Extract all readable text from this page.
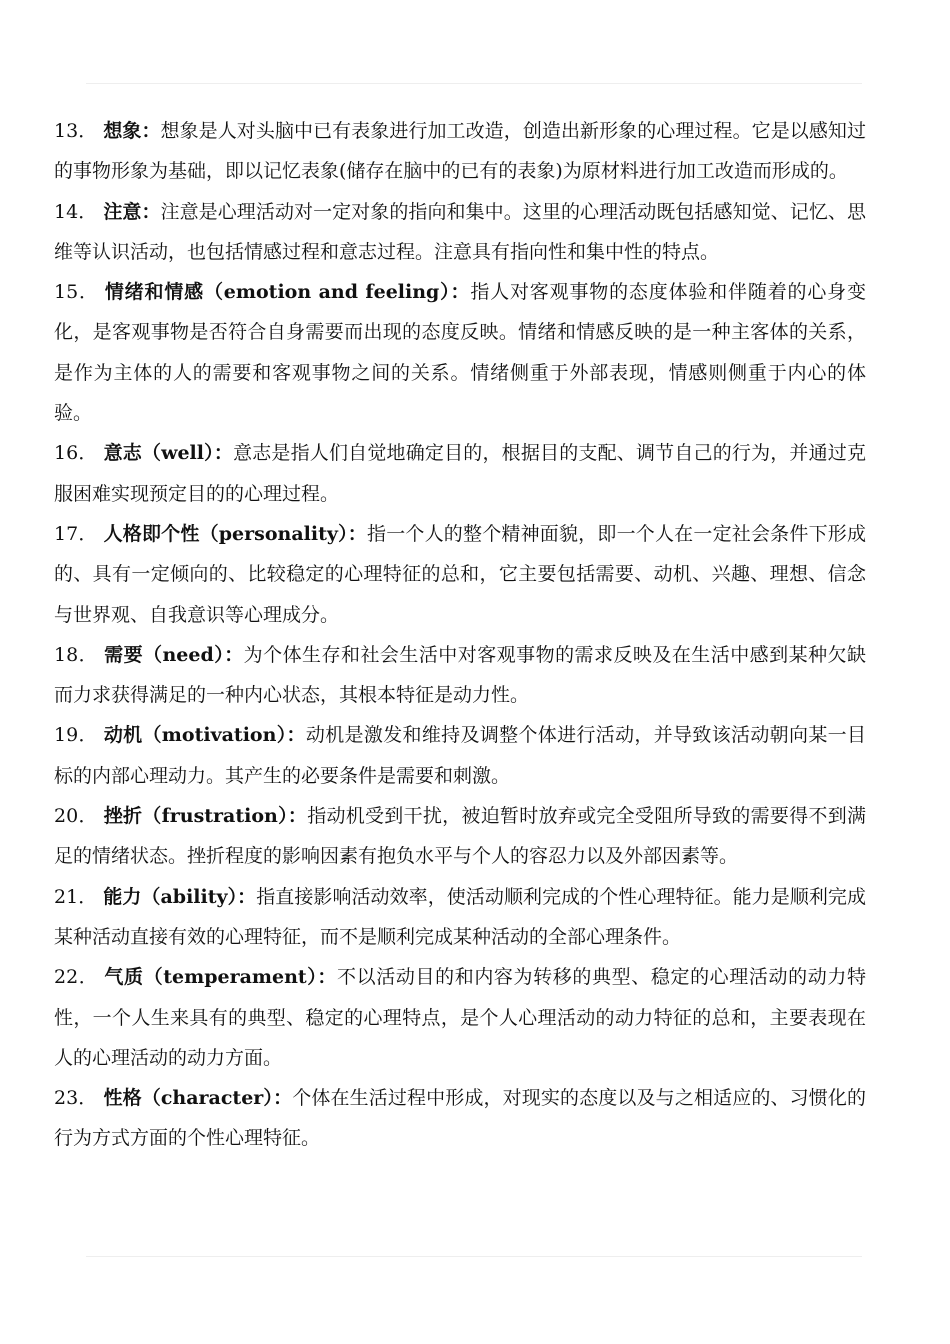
13． 想象：想象是人对头脑中已有表象进行加工改造，创造出新形象的心理过程。它是以感知过的事物形象为基础，即以记忆表象(储存在脑中的已有的表象)为原材料进行加工改造而形成的。

14． 注意：注意是心理活动对一定对象的指向和集中。这里的心理活动既包括感知觉、记忆、思维等认识活动，也包括情感过程和意志过程。注意具有指向性和集中性的特点。

15． 情绪和情感（emotion and feeling）：指人对客观事物的态度体验和伴随着的心身变化，是客观事物是否符合自身需要而出现的态度反映。情绪和情感反映的是一种主客体的关系，是作为主体的人的需要和客观事物之间的关系。情绪侧重于外部表现，情感则侧重于内心的体验。

16． 意志（well）：意志是指人们自觉地确定目的，根据目的支配、调节自己的行为，并通过克服困难实现预定目的的心理过程。

17． 人格即个性（personality）：指一个人的整个精神面貌，即一个人在一定社会条件下形成的、具有一定倾向的、比较稳定的心理特征的总和，它主要包括需要、动机、兴趣、理想、信念与世界观、自我意识等心理成分。

18． 需要（need）：为个体生存和社会生活中对客观事物的需求反映及在生活中感到某种欠缺而力求获得满足的一种内心状态，其根本特征是动力性。

19． 动机（motivation）：动机是激发和维持及调整个体进行活动，并导致该活动朝向某一目标的内部心理动力。其产生的必要条件是需要和刺激。

20． 挫折（frustration）：指动机受到干扰，被迫暂时放弃或完全受阻所导致的需要得不到满足的情绪状态。挫折程度的影响因素有抱负水平与个人的容忍力以及外部因素等。

21． 能力（ability）：指直接影响活动效率，使活动顺利完成的个性心理特征。能力是顺利完成某种活动直接有效的心理特征，而不是顺利完成某种活动的全部心理条件。

22． 气质（temperament）：不以活动目的和内容为转移的典型、稳定的心理活动的动力特性，一个人生来具有的典型、稳定的心理特点，是个人心理活动的动力特征的总和，主要表现在人的心理活动的动力方面。

23． 性格（character）：个体在生活过程中形成，对现实的态度以及与之相适应的、习惯化的行为方式方面的个性心理特征。
